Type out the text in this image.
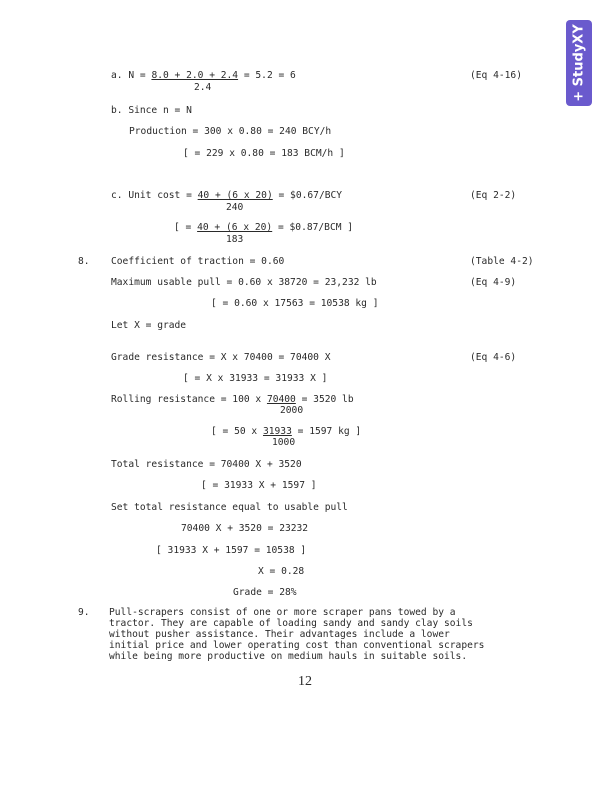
+ StudyXY
a. N = 8.0 + 2.0 + 2.4 = 5.2 = 6	(Eq 4-16)
2.4
b. Since n = N
Production = 300 x 0.80 = 240 BCY/h
[ = 229 x 0.80 = 183 BCM/h ]
c. Unit cost = 40 + (6 x 20) = $0.67/BCY	(Eq 2-2)
240
[ = 40 + (6 x 20) = $0.87/BCM ]
183
8. Coefficient of traction = 0.60	(Table 4-2)
Maximum usable pull = 0.60 x 38720 = 23,232 lb	(Eq 4-9)
[ = 0.60 x 17563 = 10538 kg ]
Let X = grade
Grade resistance = X x 70400 = 70400 X	(Eq 4-6)
[ = X x 31933 = 31933 X ]
Rolling resistance = 100 x 70400 = 3520 lb
2000
[ = 50 x 31933 = 1597 kg ]
1000
Total resistance = 70400 X + 3520
[ = 31933 X + 1597 ]
Set total resistance equal to usable pull
70400 X + 3520 = 23232
[ 31933 X + 1597 = 10538 ]
X = 0.28
Grade = 28%
9. Pull-scrapers consist of one or more scraper pans towed by a
tractor. They are capable of loading sandy and sandy clay soils
without pusher assistance. Their advantages include a lower
initial price and lower operating cost than conventional scrapers
while being more productive on medium hauls in suitable soils.
12
